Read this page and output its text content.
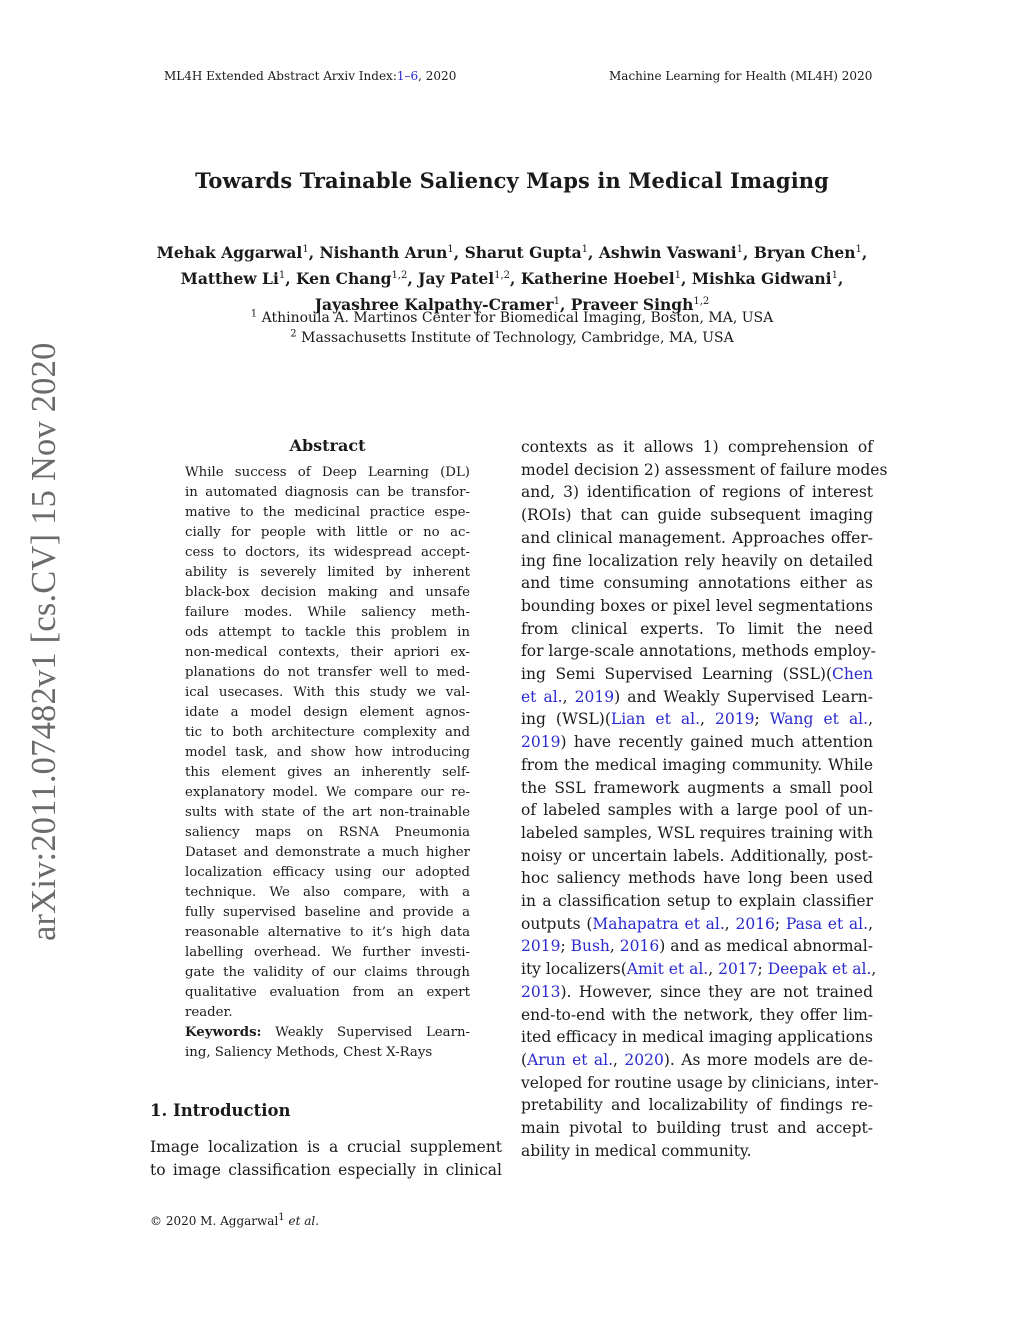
ML4H Extended Abstract Arxiv Index:1–6, 2020	Machine Learning for Health (ML4H) 2020
Towards Trainable Saliency Maps in Medical Imaging
Mehak Aggarwal$^1$, Nishanth Arun$^1$, Sharut Gupta$^1$, Ashwin Vaswani$^1$, Bryan Chen$^1$, Matthew Li$^1$, Ken Chang$^{1,2}$, Jay Patel$^{1,2}$, Katherine Hoebel$^1$, Mishka Gidwani$^1$, Jayashree Kalpathy-Cramer$^1$, Praveer Singh$^{1,2}$
$^1$ Athinoula A. Martinos Center for Biomedical Imaging, Boston, MA, USA
$^2$ Massachusetts Institute of Technology, Cambridge, MA, USA
arXiv:2011.07482v1 [cs.CV] 15 Nov 2020	Abstract
While success of Deep Learning (DL)
in automated diagnosis can be transfor-
mative to the medicinal practice espe-
cially for people with little or no ac-
cess to doctors, its widespread accept-
ability is severely limited by inherent
black-box decision making and unsafe
failure modes. While saliency meth-
ods attempt to tackle this problem in
non-medical contexts, their apriori ex-
planations do not transfer well to med-
ical usecases. With this study we val-
idate a model design element agnos-
tic to both architecture complexity and
model task, and show how introducing
this element gives an inherently self-
explanatory model. We compare our re-
sults with state of the art non-trainable
saliency maps on RSNA Pneumonia
Dataset and demonstrate a much higher
localization efficacy using our adopted
technique. We also compare, with a
fully supervised baseline and provide a
reasonable alternative to it’s high data
labelling overhead. We further investi-
gate the validity of our claims through
qualitative evaluation from an expert
reader.
Keywords: Weakly Supervised Learn-
ing, Saliency Methods, Chest X-Rays
1. Introduction
Image localization is a crucial supplement
to image classification especially in clinical
contexts as it allows 1) comprehension of
model decision 2) assessment of failure modes
and, 3) identification of regions of interest
(ROIs) that can guide subsequent imaging
and clinical management. Approaches offer-
ing fine localization rely heavily on detailed
and time consuming annotations either as
bounding boxes or pixel level segmentations
from clinical experts. To limit the need
for large-scale annotations, methods employ-
ing Semi Supervised Learning (SSL)(Chen
et al., 2019) and Weakly Supervised Learn-
ing (WSL)(Lian et al., 2019; Wang et al.,
2019) have recently gained much attention
from the medical imaging community. While
the SSL framework augments a small pool
of labeled samples with a large pool of un-
labeled samples, WSL requires training with
noisy or uncertain labels. Additionally, post-
hoc saliency methods have long been used
in a classification setup to explain classifier
outputs (Mahapatra et al., 2016; Pasa et al.,
2019; Bush, 2016) and as medical abnormal-
ity localizers(Amit et al., 2017; Deepak et al.,
2013). However, since they are not trained
end-to-end with the network, they offer lim-
ited efficacy in medical imaging applications
(Arun et al., 2020). As more models are de-
veloped for routine usage by clinicians, inter-
pretability and localizability of findings re-
main pivotal to building trust and accept-
ability in medical community.
© 2020 M. Aggarwal$^1$ et al.
